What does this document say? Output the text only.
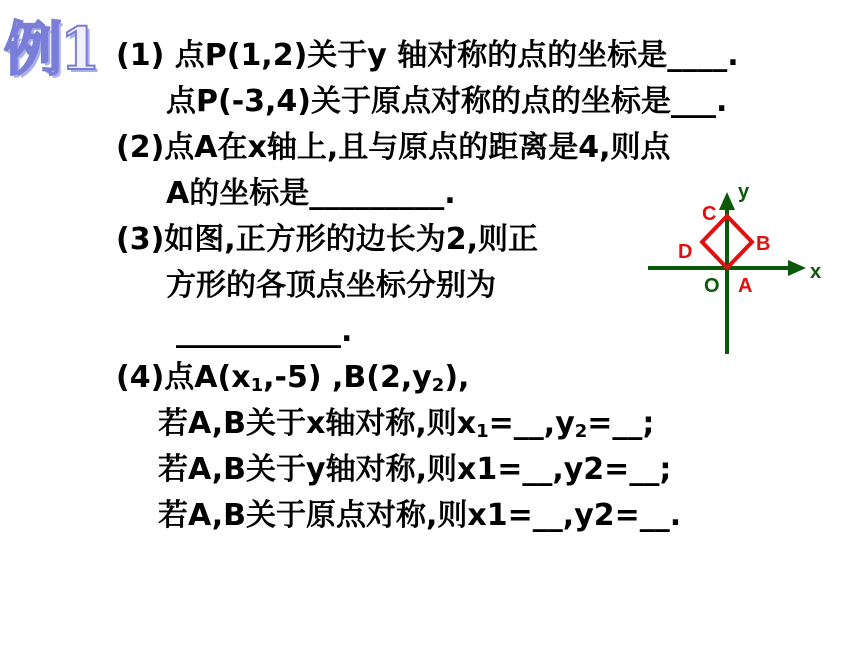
例1 (1) 点P(1,2)关于y 轴对称的点的坐标是____.
点P(-3,4)关于原点对称的点的坐标是___.
(2)点A在x轴上,且与原点的距离是4,则点
A的坐标是_________.
(3)如图,正方形的边长为2,则正
方形的各顶点坐标分别为
___________.
(4)点$A(x_1,-5)$ $,B(2,y_2)$,
若A,B关于x轴对称,则$x_1=\_\_,y_2=\_\_$;
若A,B关于y轴对称,则x1=__,y2=__;
若A,B关于原点对称,则x1=__,y2=__.
y
x
O A
B
C
D
